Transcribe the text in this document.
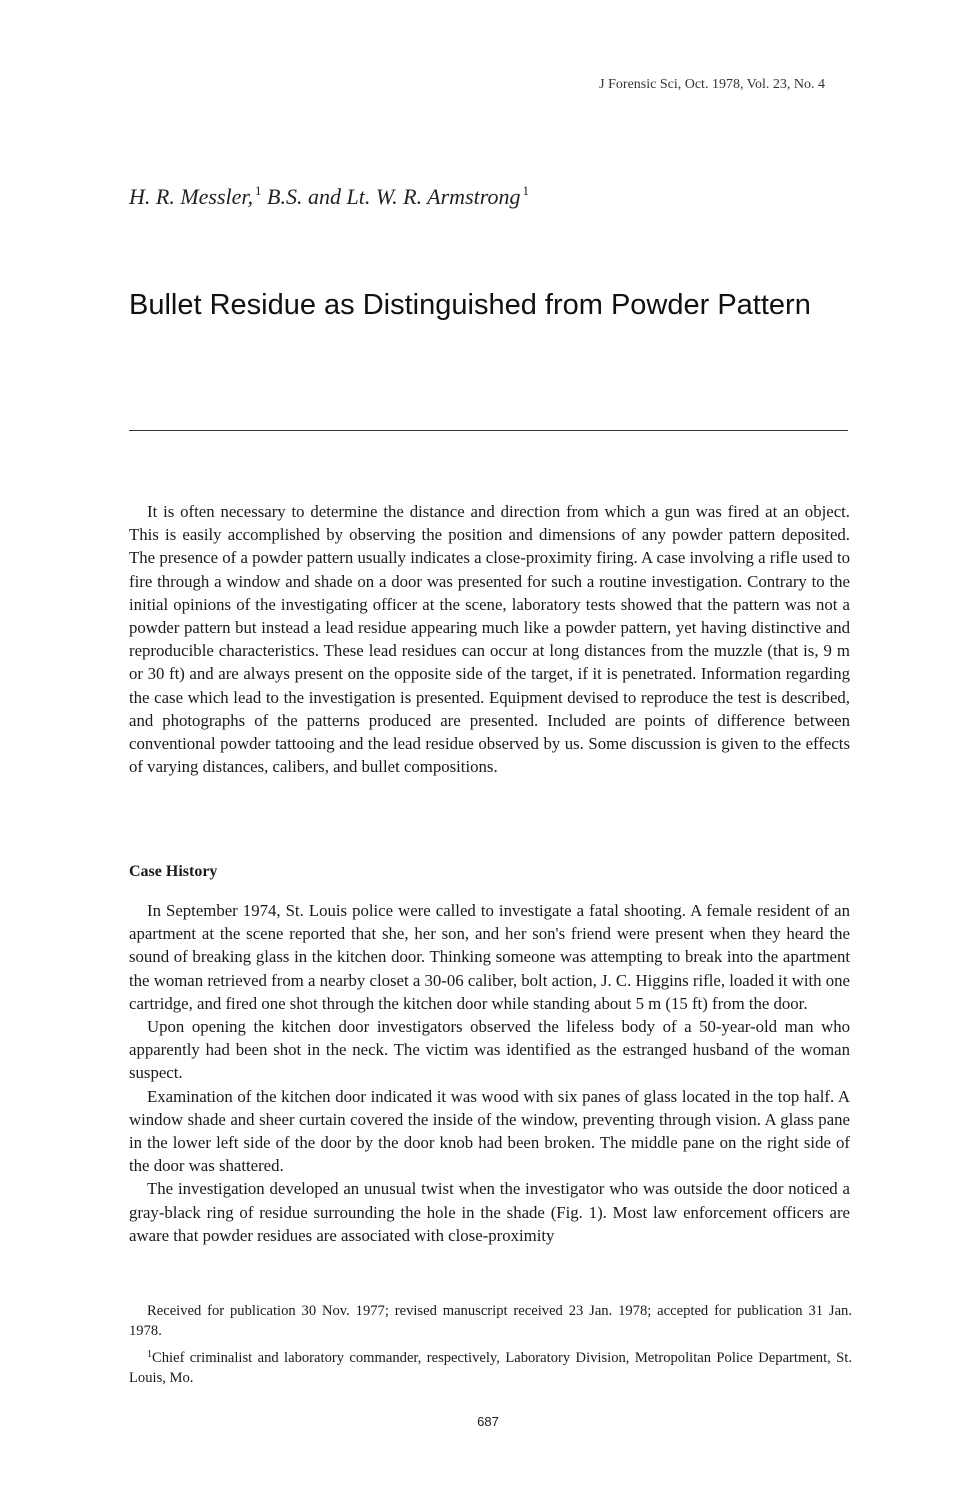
J Forensic Sci, Oct. 1978, Vol. 23, No. 4
H. R. Messler, $^1$ B.S. and Lt. W. R. Armstrong $^1$
Bullet Residue as Distinguished from Powder Pattern

It is often necessary to determine the distance and direction from which a gun was fired at an object. This is easily accomplished by observing the position and dimensions of any powder pattern deposited. The presence of a powder pattern usually indicates a close-proximity firing. A case involving a rifle used to fire through a window and shade on a door was presented for such a routine investigation. Contrary to the initial opinions of the investigating officer at the scene, laboratory tests showed that the pattern was not a powder pattern but instead a lead residue appearing much like a powder pattern, yet having distinctive and reproducible characteristics. These lead residues can occur at long distances from the muzzle (that is, 9 m or 30 ft) and are always present on the opposite side of the target, if it is penetrated. Information regarding the case which lead to the investigation is presented. Equipment devised to reproduce the test is described, and photographs of the patterns produced are presented. Included are points of difference between conventional powder tattooing and the lead residue observed by us. Some discussion is given to the effects of varying distances, calibers, and bullet compositions.

Case History

In September 1974, St. Louis police were called to investigate a fatal shooting. A female resident of an apartment at the scene reported that she, her son, and her son's friend were present when they heard the sound of breaking glass in the kitchen door. Thinking someone was attempting to break into the apartment the woman retrieved from a nearby closet a 30-06 caliber, bolt action, J. C. Higgins rifle, loaded it with one cartridge, and fired one shot through the kitchen door while standing about 5 m (15 ft) from the door.

Upon opening the kitchen door investigators observed the lifeless body of a 50-year-old man who apparently had been shot in the neck. The victim was identified as the estranged husband of the woman suspect.

Examination of the kitchen door indicated it was wood with six panes of glass located in the top half. A window shade and sheer curtain covered the inside of the window, preventing through vision. A glass pane in the lower left side of the door by the door knob had been broken. The middle pane on the right side of the door was shattered.

The investigation developed an unusual twist when the investigator who was outside the door noticed a gray-black ring of residue surrounding the hole in the shade (Fig. 1). Most law enforcement officers are aware that powder residues are associated with close-proximity

Received for publication 30 Nov. 1977; revised manuscript received 23 Jan. 1978; accepted for publication 31 Jan. 1978.

$^1$Chief criminalist and laboratory commander, respectively, Laboratory Division, Metropolitan Police Department, St. Louis, Mo.

687
